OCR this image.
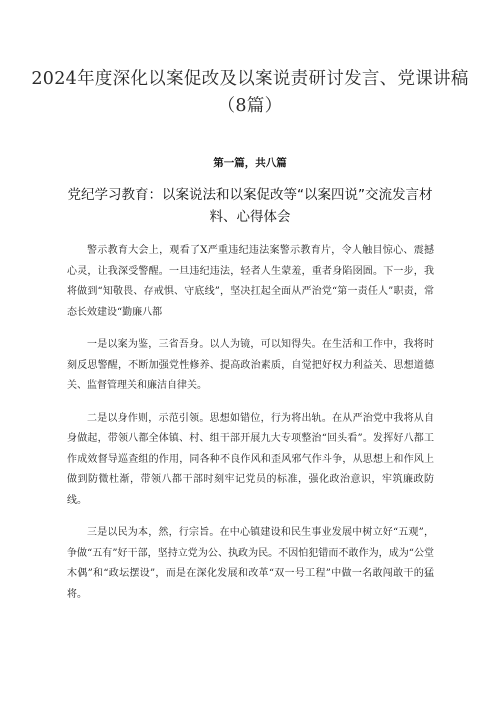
2024年度深化以案促改及以案说责研讨发言、党课讲稿（8篇）
第一篇，共八篇
党纪学习教育：以案说法和以案促改等“以案四说”交流发言材料、心得体会

警示教育大会上，观看了X严重违纪违法案警示教育片，令人触目惊心、震撼心灵，让我深受警醒。一旦违纪违法，轻者人生蒙羞，重者身陷囹圄。下一步，我将做到“知敬畏、存戒惧、守底线”，坚决扛起全面从严治党“第一责任人”职责，常态长效建设“勤廉八都

一是以案为鉴，三省吾身。以人为镜，可以知得失。在生活和工作中，我将时刻反思警醒，不断加强党性修养、提高政治素质，自觉把好权力利益关、思想道德关、监督管理关和廉洁自律关。

二是以身作则，示范引领。思想如错位，行为将出轨。在从严治党中我将从自身做起，带领八都全体镇、村、组干部开展九大专项整治“回头看”。发挥好八都工作成效督导巡查组的作用，同各种不良作风和歪风邪气作斗争，从思想上和作风上做到防微杜渐，带领八都干部时刻牢记党员的标准，强化政治意识，牢筑廉政防线。

三是以民为本，然，行宗旨。在中心镇建设和民生事业发展中树立好“五观”，争做“五有”好干部，坚持立党为公、执政为民。不因怕犯错而不敢作为，成为“公堂木偶”和“政坛摆设”，而是在深化发展和改革“双一号工程”中做一名敢闯敢干的猛将。
